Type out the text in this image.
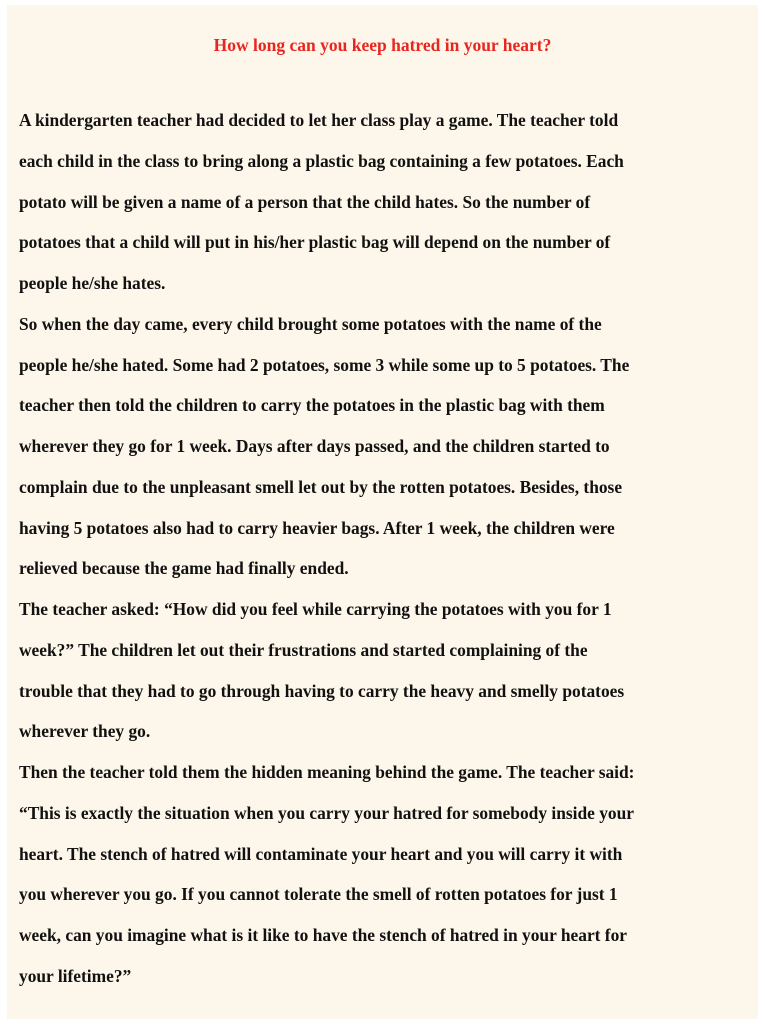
How long can you keep hatred in your heart?
A kindergarten teacher had decided to let her class play a game. The teacher told
each child in the class to bring along a plastic bag containing a few potatoes. Each
potato will be given a name of a person that the child hates. So the number of
potatoes that a child will put in his/her plastic bag will depend on the number of
people he/she hates.
So when the day came, every child brought some potatoes with the name of the
people he/she hated. Some had 2 potatoes, some 3 while some up to 5 potatoes. The
teacher then told the children to carry the potatoes in the plastic bag with them
wherever they go for 1 week. Days after days passed, and the children started to
complain due to the unpleasant smell let out by the rotten potatoes. Besides, those
having 5 potatoes also had to carry heavier bags. After 1 week, the children were
relieved because the game had finally ended.
The teacher asked: “How did you feel while carrying the potatoes with you for 1
week?” The children let out their frustrations and started complaining of the
trouble that they had to go through having to carry the heavy and smelly potatoes
wherever they go.
Then the teacher told them the hidden meaning behind the game. The teacher said:
“This is exactly the situation when you carry your hatred for somebody inside your
heart. The stench of hatred will contaminate your heart and you will carry it with
you wherever you go. If you cannot tolerate the smell of rotten potatoes for just 1
week, can you imagine what is it like to have the stench of hatred in your heart for
your lifetime?”
